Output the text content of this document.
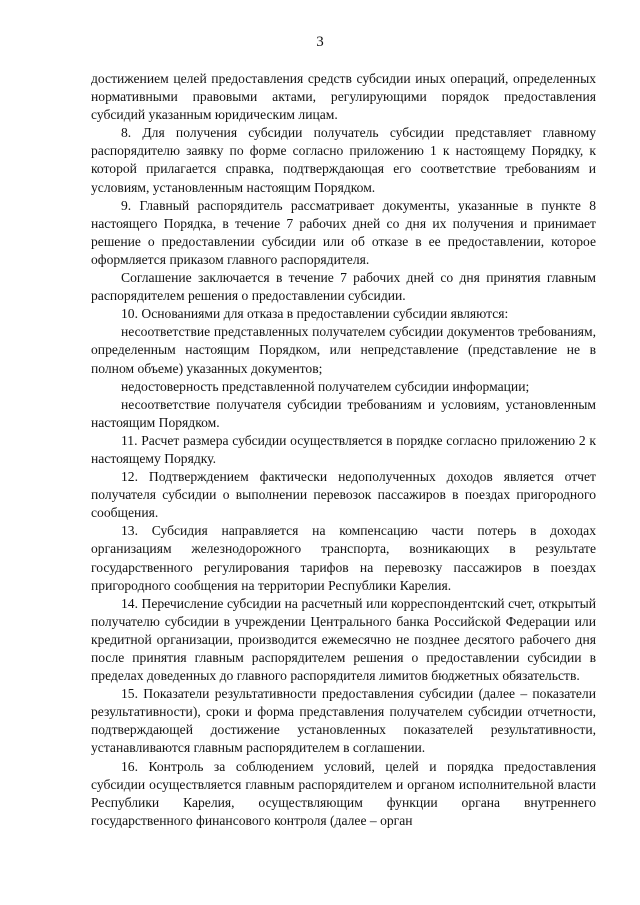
3

достижением целей предоставления средств субсидии иных операций, определенных нормативными правовыми актами, регулирующими порядок предоставления субсидий указанным юридическим лицам.

8. Для получения субсидии получатель субсидии представляет главному распорядителю заявку по форме согласно приложению 1 к настоящему Порядку, к которой прилагается справка, подтверждающая его соответствие требованиям и условиям, установленным настоящим Порядком.

9. Главный распорядитель рассматривает документы, указанные в пункте 8 настоящего Порядка, в течение 7 рабочих дней со дня их получения и принимает решение о предоставлении субсидии или об отказе в ее предоставлении, которое оформляется приказом главного распорядителя.

Соглашение заключается в течение 7 рабочих дней со дня принятия главным распорядителем решения о предоставлении субсидии.

10. Основаниями для отказа в предоставлении субсидии являются:

несоответствие представленных получателем субсидии документов требованиям, определенным настоящим Порядком, или непредставление (представление не в полном объеме) указанных документов;

недостоверность представленной получателем субсидии информации;

несоответствие получателя субсидии требованиям и условиям, установленным настоящим Порядком.

11. Расчет размера субсидии осуществляется в порядке согласно приложению 2 к настоящему Порядку.

12. Подтверждением фактически недополученных доходов является отчет получателя субсидии о выполнении перевозок пассажиров в поездах пригородного сообщения.

13. Субсидия направляется на компенсацию части потерь в доходах организациям железнодорожного транспорта, возникающих в результате государственного регулирования тарифов на перевозку пассажиров в поездах пригородного сообщения на территории Республики Карелия.

14. Перечисление субсидии на расчетный или корреспондентский счет, открытый получателю субсидии в учреждении Центрального банка Российской Федерации или кредитной организации, производится ежемесячно не позднее десятого рабочего дня после принятия главным распорядителем решения о предоставлении субсидии в пределах доведенных до главного распорядителя лимитов бюджетных обязательств.

15. Показатели результативности предоставления субсидии (далее – показатели результативности), сроки и форма представления получателем субсидии отчетности, подтверждающей достижение установленных показателей результативности, устанавливаются главным распорядителем в соглашении.

16. Контроль за соблюдением условий, целей и порядка предоставления субсидии осуществляется главным распорядителем и органом исполнительной власти Республики Карелия, осуществляющим функции органа внутреннего государственного финансового контроля (далее – орган
